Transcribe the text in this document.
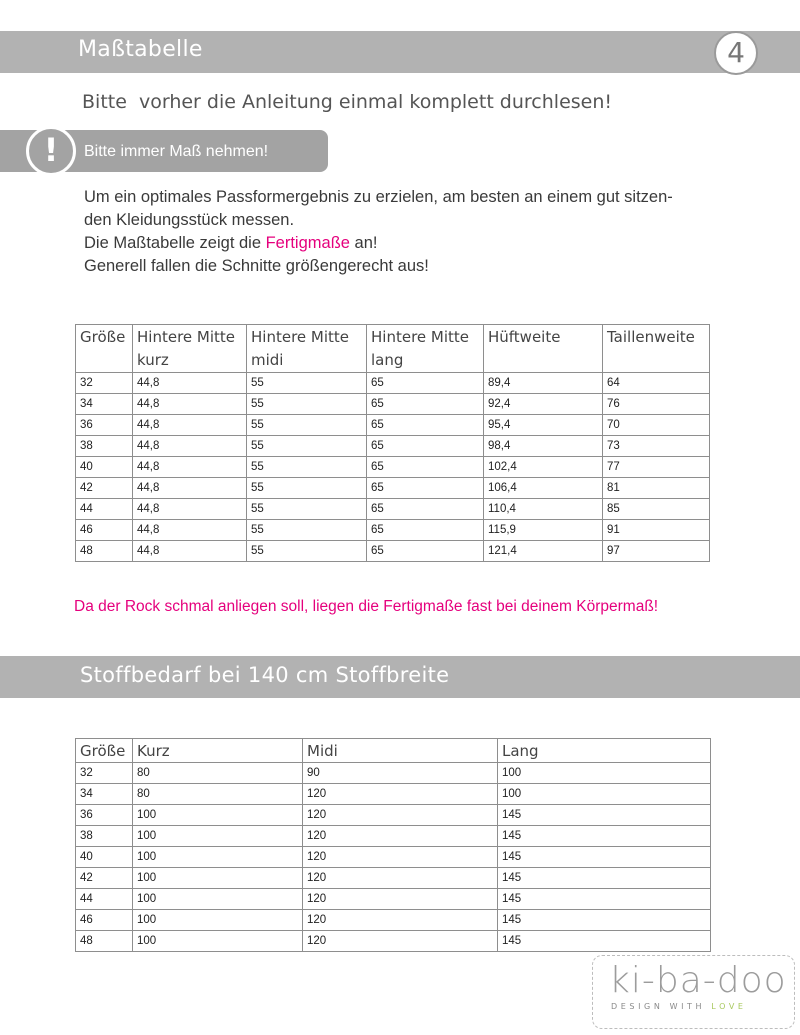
Maßtabelle	4
Bitte  vorher die Anleitung einmal komplett durchlesen!
!	Bitte immer Maß nehmen!
Um ein optimales Passformergebnis zu erzielen, am besten an einem gut sitzen-
den Kleidungsstück messen.
Die Maßtabelle zeigt die Fertigmaße an!
Generell fallen die Schnitte größengerecht aus!
Größe	Hintere Mitte kurz	Hintere Mitte midi	Hintere Mitte lang	Hüftweite	Taillenweite
32	44,8	55	65	89,4	64
34	44,8	55	65	92,4	76
36	44,8	55	65	95,4	70
38	44,8	55	65	98,4	73
40	44,8	55	65	102,4	77
42	44,8	55	65	106,4	81
44	44,8	55	65	110,4	85
46	44,8	55	65	115,9	91
48	44,8	55	65	121,4	97
Da der Rock schmal anliegen soll, liegen die Fertigmaße fast bei deinem Körpermaß!
Stoffbedarf bei 140 cm Stoffbreite
Größe	Kurz	Midi	Lang
32	80	90	100
34	80	120	100
36	100	120	145
38	100	120	145
40	100	120	145
42	100	120	145
44	100	120	145
46	100	120	145
48	100	120	145
ki-ba-doo
DESIGN WITH LOVE
